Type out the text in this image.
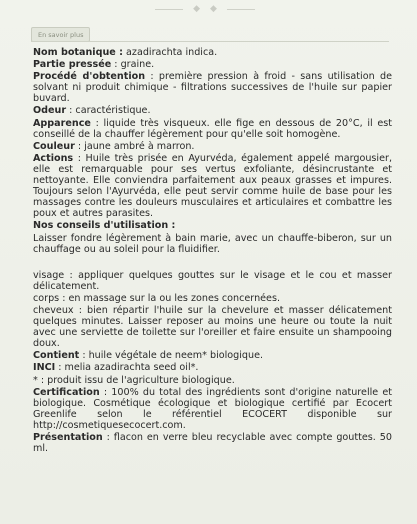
◆ ◆
En savoir plus

Nom botanique : azadirachta indica.

Partie pressée : graine.

Procédé d'obtention : première pression à froid - sans utilisation de solvant ni produit chimique - filtrations successives de l'huile sur papier buvard.

Odeur : caractéristique.

Apparence : liquide très visqueux. elle fige en dessous de 20°C, il est conseillé de la chauffer légèrement pour qu'elle soit homogène.

Couleur : jaune ambré à marron.

Actions : Huile très prisée en Ayurvéda, également appelé margousier, elle est remarquable pour ses vertus exfoliante, désincrustante et nettoyante. Elle conviendra parfaitement aux peaux grasses et impures. Toujours selon l'Ayurvéda, elle peut servir comme huile de base pour les massages contre les douleurs musculaires et articulaires et combattre les poux et autres parasites.

Nos conseils d'utilisation :

Laisser fondre légèrement à bain marie, avec un chauffe-biberon, sur un chauffage ou au soleil pour la fluidifier.

visage : appliquer quelques gouttes sur le visage et le cou et masser délicatement.

corps : en massage sur la ou les zones concernées.

cheveux : bien répartir l'huile sur la chevelure et masser délicatement quelques minutes. Laisser reposer au moins une heure ou toute la nuit avec une serviette de toilette sur l'oreiller et faire ensuite un shampooing doux.

Contient : huile végétale de neem* biologique.

INCI : melia azadirachta seed oil*.

* : produit issu de l'agriculture biologique.

Certification : 100% du total des ingrédients sont d'origine naturelle et biologique. Cosmétique écologique et biologique certifié par Ecocert Greenlife selon le référentiel ECOCERT disponible sur http://cosmetiquesecocert.com.

Présentation : flacon en verre bleu recyclable avec compte gouttes. 50 ml.
